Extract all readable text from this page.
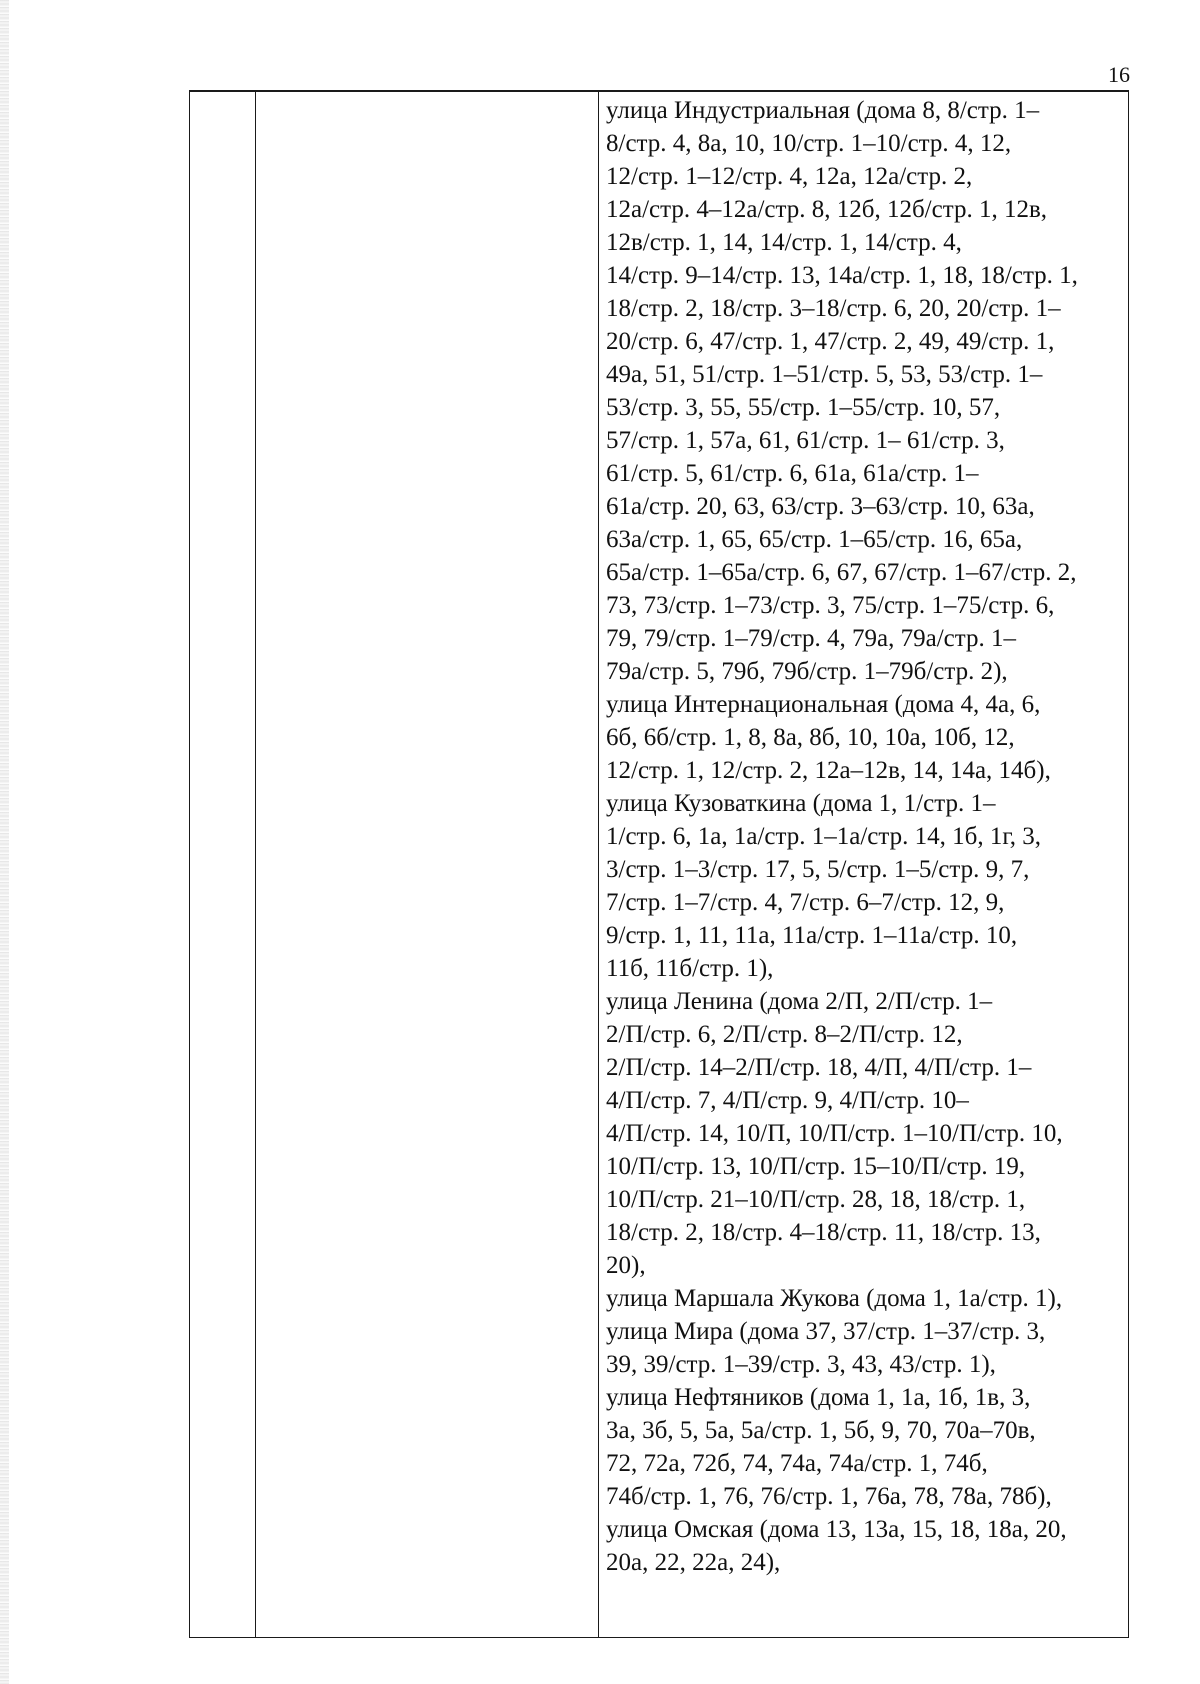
16
улица Индустриальная (дома 8, 8/стр. 1–
8/стр. 4, 8а, 10, 10/стр. 1–10/стр. 4, 12,
12/стр. 1–12/стр. 4, 12а, 12а/стр. 2,
12а/стр. 4–12а/стр. 8, 12б, 12б/стр. 1, 12в,
12в/стр. 1, 14, 14/стр. 1, 14/стр. 4,
14/стр. 9–14/стр. 13, 14а/стр. 1, 18, 18/стр. 1,
18/стр. 2, 18/стр. 3–18/стр. 6, 20, 20/стр. 1–
20/стр. 6, 47/стр. 1, 47/стр. 2, 49, 49/стр. 1,
49а, 51, 51/стр. 1–51/стр. 5, 53, 53/стр. 1–
53/стр. 3, 55, 55/стр. 1–55/стр. 10, 57,
57/стр. 1, 57а, 61, 61/стр. 1– 61/стр. 3,
61/стр. 5, 61/стр. 6, 61а, 61а/стр. 1–
61а/стр. 20, 63, 63/стр. 3–63/стр. 10, 63а,
63а/стр. 1, 65, 65/стр. 1–65/стр. 16, 65а,
65а/стр. 1–65а/стр. 6, 67, 67/стр. 1–67/стр. 2,
73, 73/стр. 1–73/стр. 3, 75/стр. 1–75/стр. 6,
79, 79/стр. 1–79/стр. 4, 79а, 79а/стр. 1–
79а/стр. 5, 79б, 79б/стр. 1–79б/стр. 2),
улица Интернациональная (дома 4, 4а, 6,
6б, 6б/стр. 1, 8, 8а, 8б, 10, 10а, 10б, 12,
12/стр. 1, 12/стр. 2, 12а–12в, 14, 14а, 14б),
улица Кузоваткина (дома 1, 1/стр. 1–
1/стр. 6, 1а, 1а/стр. 1–1а/стр. 14, 1б, 1г, 3,
3/стр. 1–3/стр. 17, 5, 5/стр. 1–5/стр. 9, 7,
7/стр. 1–7/стр. 4, 7/стр. 6–7/стр. 12, 9,
9/стр. 1, 11, 11а, 11а/стр. 1–11а/стр. 10,
11б, 11б/стр. 1),
улица Ленина (дома 2/П, 2/П/стр. 1–
2/П/стр. 6, 2/П/стр. 8–2/П/стр. 12,
2/П/стр. 14–2/П/стр. 18, 4/П, 4/П/стр. 1–
4/П/стр. 7, 4/П/стр. 9, 4/П/стр. 10–
4/П/стр. 14, 10/П, 10/П/стр. 1–10/П/стр. 10,
10/П/стр. 13, 10/П/стр. 15–10/П/стр. 19,
10/П/стр. 21–10/П/стр. 28, 18, 18/стр. 1,
18/стр. 2, 18/стр. 4–18/стр. 11, 18/стр. 13,
20),
улица Маршала Жукова (дома 1, 1а/стр. 1),
улица Мира (дома 37, 37/стр. 1–37/стр. 3,
39, 39/стр. 1–39/стр. 3, 43, 43/стр. 1),
улица Нефтяников (дома 1, 1а, 1б, 1в, 3,
3а, 3б, 5, 5а, 5а/стр. 1, 5б, 9, 70, 70а–70в,
72, 72а, 72б, 74, 74а, 74а/стр. 1, 74б,
74б/стр. 1, 76, 76/стр. 1, 76а, 78, 78а, 78б),
улица Омская (дома 13, 13а, 15, 18, 18а, 20,
20а, 22, 22а, 24),
